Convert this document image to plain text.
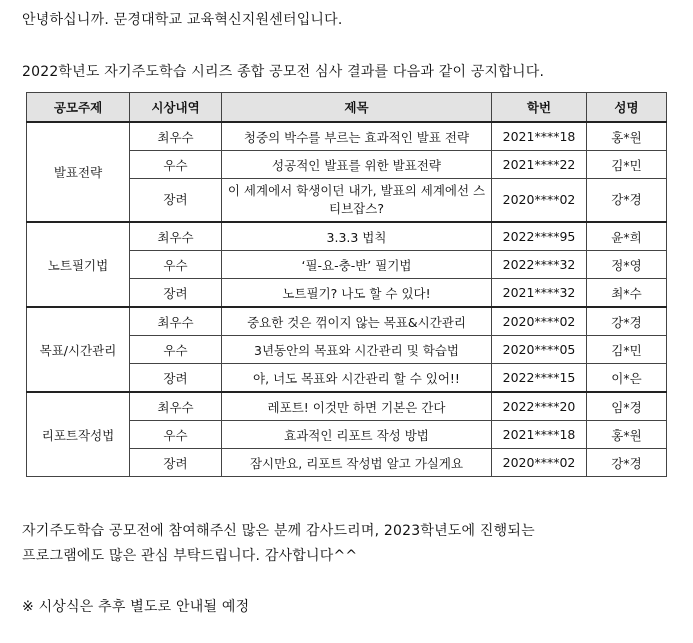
안녕하십니까. 문경대학교 교육혁신지원센터입니다.
2022학년도 자기주도학습 시리즈 종합 공모전 심사 결과를 다음과 같이 공지합니다.
공모주제	시상내역	제목	학번	성명
발표전략	최우수	청중의 박수를 부르는 효과적인 발표 전략	2021****18	홍*원
	우수	성공적인 발표를 위한 발표전략	2021****22	김*민
	장려	이 세계에서 학생이던 내가, 발표의 세계에선 스티브잡스?	2020****02	강*경
노트필기법	최우수	3.3.3 법칙	2022****95	윤*희
	우수	‘필-요-충-반’ 필기법	2022****32	정*영
	장려	노트필기? 나도 할 수 있다!	2021****32	최*수
목표/시간관리	최우수	중요한 것은 꺾이지 않는 목표&시간관리	2020****02	강*경
	우수	3년동안의 목표와 시간관리 및 학습법	2020****05	김*민
	장려	야, 너도 목표와 시간관리 할 수 있어!!	2022****15	이*은
리포트작성법	최우수	레포트! 이것만 하면 기본은 간다	2022****20	임*경
	우수	효과적인 리포트 작성 방법	2021****18	홍*원
	장려	잠시만요, 리포트 작성법 알고 가실게요	2020****02	강*경
자기주도학습 공모전에 참여해주신 많은 분께 감사드리며, 2023학년도에 진행되는
프로그램에도 많은 관심 부탁드립니다. 감사합니다^^
※ 시상식은 추후 별도로 안내될 예정
